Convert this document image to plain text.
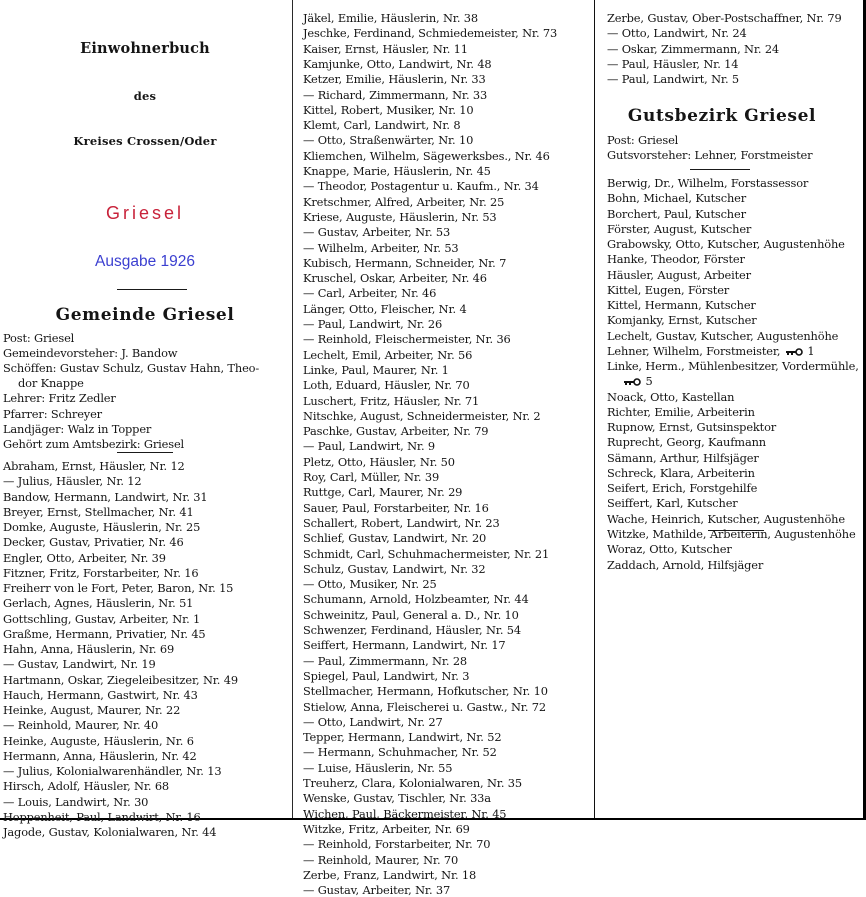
Einwohnerbuch
des
Kreises Crossen/Oder
Griesel
Ausgabe 1926
Gemeinde Griesel
Post: Griesel
Gemeindevorsteher: J. Bandow
Schöffen: Gustav Schulz, Gustav Hahn, Theo-
dor Knappe
Lehrer: Fritz Zedler
Pfarrer: Schreyer
Landjäger: Walz in Topper
Gehört zum Amtsbezirk: Griesel
Abraham, Ernst, Häusler, Nr. 12
— Julius, Häusler, Nr. 12
Bandow, Hermann, Landwirt, Nr. 31
Breyer, Ernst, Stellmacher, Nr. 41
Domke, Auguste, Häuslerin, Nr. 25
Decker, Gustav, Privatier, Nr. 46
Engler, Otto, Arbeiter, Nr. 39
Fitzner, Fritz, Forstarbeiter, Nr. 16
Freiherr von le Fort, Peter, Baron, Nr. 15
Gerlach, Agnes, Häuslerin, Nr. 51
Gottschling, Gustav, Arbeiter, Nr. 1
Graßme, Hermann, Privatier, Nr. 45
Hahn, Anna, Häuslerin, Nr. 69
— Gustav, Landwirt, Nr. 19
Hartmann, Oskar, Ziegeleibesitzer, Nr. 49
Hauch, Hermann, Gastwirt, Nr. 43
Heinke, August, Maurer, Nr. 22
— Reinhold, Maurer, Nr. 40
Heinke, Auguste, Häuslerin, Nr. 6
Hermann, Anna, Häuslerin, Nr. 42
— Julius, Kolonialwarenhändler, Nr. 13
Hirsch, Adolf, Häusler, Nr. 68
— Louis, Landwirt, Nr. 30
Hoppenheit, Paul, Landwirt, Nr. 16
Jagode, Gustav, Kolonialwaren, Nr. 44
Jäkel, Emilie, Häuslerin, Nr. 38
Jeschke, Ferdinand, Schmiedemeister, Nr. 73
Kaiser, Ernst, Häusler, Nr. 11
Kamjunke, Otto, Landwirt, Nr. 48
Ketzer, Emilie, Häuslerin, Nr. 33
— Richard, Zimmermann, Nr. 33
Kittel, Robert, Musiker, Nr. 10
Klemt, Carl, Landwirt, Nr. 8
— Otto, Straßenwärter, Nr. 10
Kliemchen, Wilhelm, Sägewerksbes., Nr. 46
Knappe, Marie, Häuslerin, Nr. 45
— Theodor, Postagentur u. Kaufm., Nr. 34
Kretschmer, Alfred, Arbeiter, Nr. 25
Kriese, Auguste, Häuslerin, Nr. 53
— Gustav, Arbeiter, Nr. 53
— Wilhelm, Arbeiter, Nr. 53
Kubisch, Hermann, Schneider, Nr. 7
Kruschel, Oskar, Arbeiter, Nr. 46
— Carl, Arbeiter, Nr. 46
Länger, Otto, Fleischer, Nr. 4
— Paul, Landwirt, Nr. 26
— Reinhold, Fleischermeister, Nr. 36
Lechelt, Emil, Arbeiter, Nr. 56
Linke, Paul, Maurer, Nr. 1
Loth, Eduard, Häusler, Nr. 70
Luschert, Fritz, Häusler, Nr. 71
Nitschke, August, Schneidermeister, Nr. 2
Paschke, Gustav, Arbeiter, Nr. 79
— Paul, Landwirt, Nr. 9
Pletz, Otto, Häusler, Nr. 50
Roy, Carl, Müller, Nr. 39
Ruttge, Carl, Maurer, Nr. 29
Sauer, Paul, Forstarbeiter, Nr. 16
Schallert, Robert, Landwirt, Nr. 23
Schlief, Gustav, Landwirt, Nr. 20
Schmidt, Carl, Schuhmachermeister, Nr. 21
Schulz, Gustav, Landwirt, Nr. 32
— Otto, Musiker, Nr. 25
Schumann, Arnold, Holzbeamter, Nr. 44
Schweinitz, Paul, General a. D., Nr. 10
Schwenzer, Ferdinand, Häusler, Nr. 54
Seiffert, Hermann, Landwirt, Nr. 17
— Paul, Zimmermann, Nr. 28
Spiegel, Paul, Landwirt, Nr. 3
Stellmacher, Hermann, Hofkutscher, Nr. 10
Stielow, Anna, Fleischerei u. Gastw., Nr. 72
— Otto, Landwirt, Nr. 27
Tepper, Hermann, Landwirt, Nr. 52
— Hermann, Schuhmacher, Nr. 52
— Luise, Häuslerin, Nr. 55
Treuherz, Clara, Kolonialwaren, Nr. 35
Wenske, Gustav, Tischler, Nr. 33a
Wichen, Paul, Bäckermeister, Nr. 45
Witzke, Fritz, Arbeiter, Nr. 69
— Reinhold, Forstarbeiter, Nr. 70
— Reinhold, Maurer, Nr. 70
Zerbe, Franz, Landwirt, Nr. 18
— Gustav, Arbeiter, Nr. 37
Zerbe, Gustav, Ober-Postschaffner, Nr. 79
— Otto, Landwirt, Nr. 24
— Oskar, Zimmermann, Nr. 24
— Paul, Häusler, Nr. 14
— Paul, Landwirt, Nr. 5
Gutsbezirk Griesel
Post: Griesel
Gutsvorsteher: Lehner, Forstmeister
Berwig, Dr., Wilhelm, Forstassessor
Bohn, Michael, Kutscher
Borchert, Paul, Kutscher
Förster, August, Kutscher
Grabowsky, Otto, Kutscher, Augustenhöhe
Hanke, Theodor, Förster
Häusler, August, Arbeiter
Kittel, Eugen, Förster
Kittel, Hermann, Kutscher
Komjanky, Ernst, Kutscher
Lechelt, Gustav, Kutscher, Augustenhöhe
Lehner, Wilhelm, Forstmeister, 1
Linke, Herm., Mühlenbesitzer, Vordermühle,
Noack, Otto, Kastellan
Richter, Emilie, Arbeiterin
Rupnow, Ernst, Gutsinspektor
Ruprecht, Georg, Kaufmann
Sämann, Arthur, Hilfsjäger
Schreck, Klara, Arbeiterin
Seifert, Erich, Forstgehilfe
Seiffert, Karl, Kutscher
Wache, Heinrich, Kutscher, Augustenhöhe
Witzke, Mathilde, Arbeiterin, Augustenhöhe
Woraz, Otto, Kutscher
Zaddach, Arnold, Hilfsjäger
5
